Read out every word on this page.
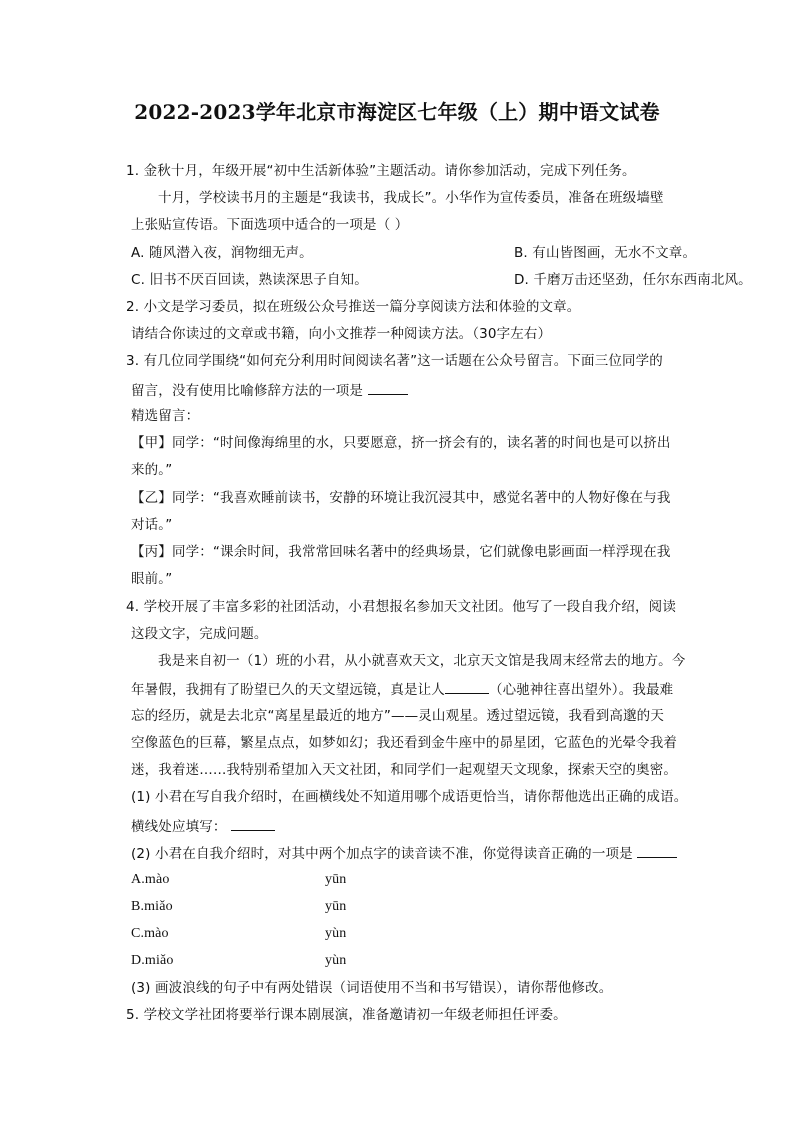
2022-2023学年北京市海淀区七年级（上）期中语文试卷
1. 金秋十月，年级开展“初中生活新体验”主题活动。请你参加活动，完成下列任务。
十月，学校读书月的主题是“我读书，我成长”。小华作为宣传委员，准备在班级墙壁
上张贴宣传语。下面选项中适合的一项是（ ）
A. 随风潜入夜，润物细无声。	B. 有山皆图画，无水不文章。
C. 旧书不厌百回读，熟读深思子自知。	D. 千磨万击还坚劲，任尔东西南北风。
2. 小文是学习委员，拟在班级公众号推送一篇分享阅读方法和体验的文章。
请结合你读过的文章或书籍，向小文推荐一种阅读方法。（30字左右）
3. 有几位同学围绕“如何充分利用时间阅读名著”这一话题在公众号留言。下面三位同学的
留言，没有使用比喻修辞方法的一项是
精选留言：
【甲】同学：“时间像海绵里的水，只要愿意，挤一挤会有的，读名著的时间也是可以挤出
来的。”
【乙】同学：“我喜欢睡前读书，安静的环境让我沉浸其中，感觉名著中的人物好像在与我
对话。”
【丙】同学：“课余时间，我常常回味名著中的经典场景，它们就像电影画面一样浮现在我
眼前。”
4. 学校开展了丰富多彩的社团活动，小君想报名参加天文社团。他写了一段自我介绍，阅读
这段文字，完成问题。
我是来自初一（1）班的小君，从小就喜欢天文，北京天文馆是我周末经常去的地方。今
年暑假，我拥有了盼望已久的天文望远镜，真是让人	（心驰神往喜出望外）。我最难
忘的经历，就是去北京“离星星最近的地方”——灵山观星。透过望远镜，我看到高邈的天
空像蓝色的巨幕，繁星点点，如梦如幻；我还看到金牛座中的昴星团，它蓝色的光晕令我着
迷，我着迷……我特别希望加入天文社团，和同学们一起观望天文现象，探索天空的奥密。
(1) 小君在写自我介绍时，在画横线处不知道用哪个成语更恰当，请你帮他选出正确的成语。
横线处应填写：
(2) 小君在自我介绍时，对其中两个加点字的读音读不准，你觉得读音正确的一项是
A.mào	yūn
B.miǎo	yūn
C.mào	yùn
D.miǎo	yùn
(3) 画波浪线的句子中有两处错误（词语使用不当和书写错误），请你帮他修改。
5. 学校文学社团将要举行课本剧展演，准备邀请初一年级老师担任评委。
